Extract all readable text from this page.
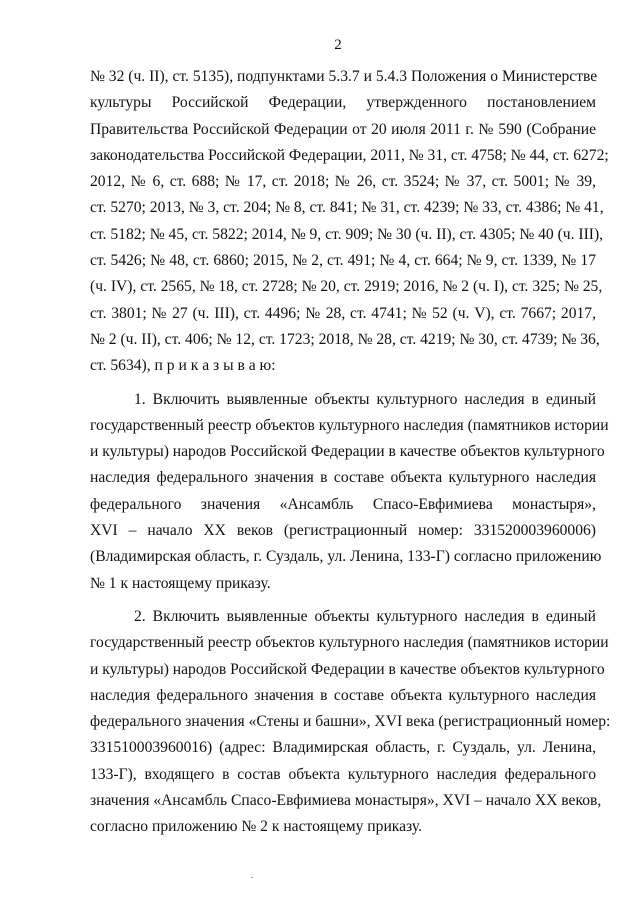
2
№ 32 (ч. II), ст. 5135), подпунктами 5.3.7 и 5.4.3 Положения о Министерстве
культуры Российской Федерации, утвержденного постановлением
Правительства Российской Федерации от 20 июля 2011 г. № 590 (Собрание
законодательства Российской Федерации, 2011, № 31, ст. 4758; № 44, ст. 6272;
2012, № 6, ст. 688; № 17, ст. 2018; № 26, ст. 3524; № 37, ст. 5001; № 39,
ст. 5270; 2013, № 3, ст. 204; № 8, ст. 841; № 31, ст. 4239; № 33, ст. 4386; № 41,
ст. 5182; № 45, ст. 5822; 2014, № 9, ст. 909; № 30 (ч. II), ст. 4305; № 40 (ч. III),
ст. 5426; № 48, ст. 6860; 2015, № 2, ст. 491; № 4, ст. 664; № 9, ст. 1339, № 17
(ч. IV), ст. 2565, № 18, ст. 2728; № 20, ст. 2919; 2016, № 2 (ч. I), ст. 325; № 25,
ст. 3801; № 27 (ч. III), ст. 4496; № 28, ст. 4741; № 52 (ч. V), ст. 7667; 2017,
№ 2 (ч. II), ст. 406; № 12, ст. 1723; 2018, № 28, ст. 4219; № 30, ст. 4739; № 36,
ст. 5634), п р и к а з ы в а ю:
1. Включить выявленные объекты культурного наследия в единый
государственный реестр объектов культурного наследия (памятников истории
и культуры) народов Российской Федерации в качестве объектов культурного
наследия федерального значения в составе объекта культурного наследия
федерального значения «Ансамбль Спасо-Евфимиева монастыря»,
XVI – начало XX веков (регистрационный номер: 331520003960006)
(Владимирская область, г. Суздаль, ул. Ленина, 133-Г) согласно приложению
№ 1 к настоящему приказу.
2. Включить выявленные объекты культурного наследия в единый
государственный реестр объектов культурного наследия (памятников истории
и культуры) народов Российской Федерации в качестве объектов культурного
наследия федерального значения в составе объекта культурного наследия
федерального значения «Стены и башни», XVI века (регистрационный номер:
331510003960016) (адрес: Владимирская область, г. Суздаль, ул. Ленина,
133-Г), входящего в состав объекта культурного наследия федерального
значения «Ансамбль Спасо-Евфимиева монастыря», XVI – начало XX веков,
согласно приложению № 2 к настоящему приказу.
·
